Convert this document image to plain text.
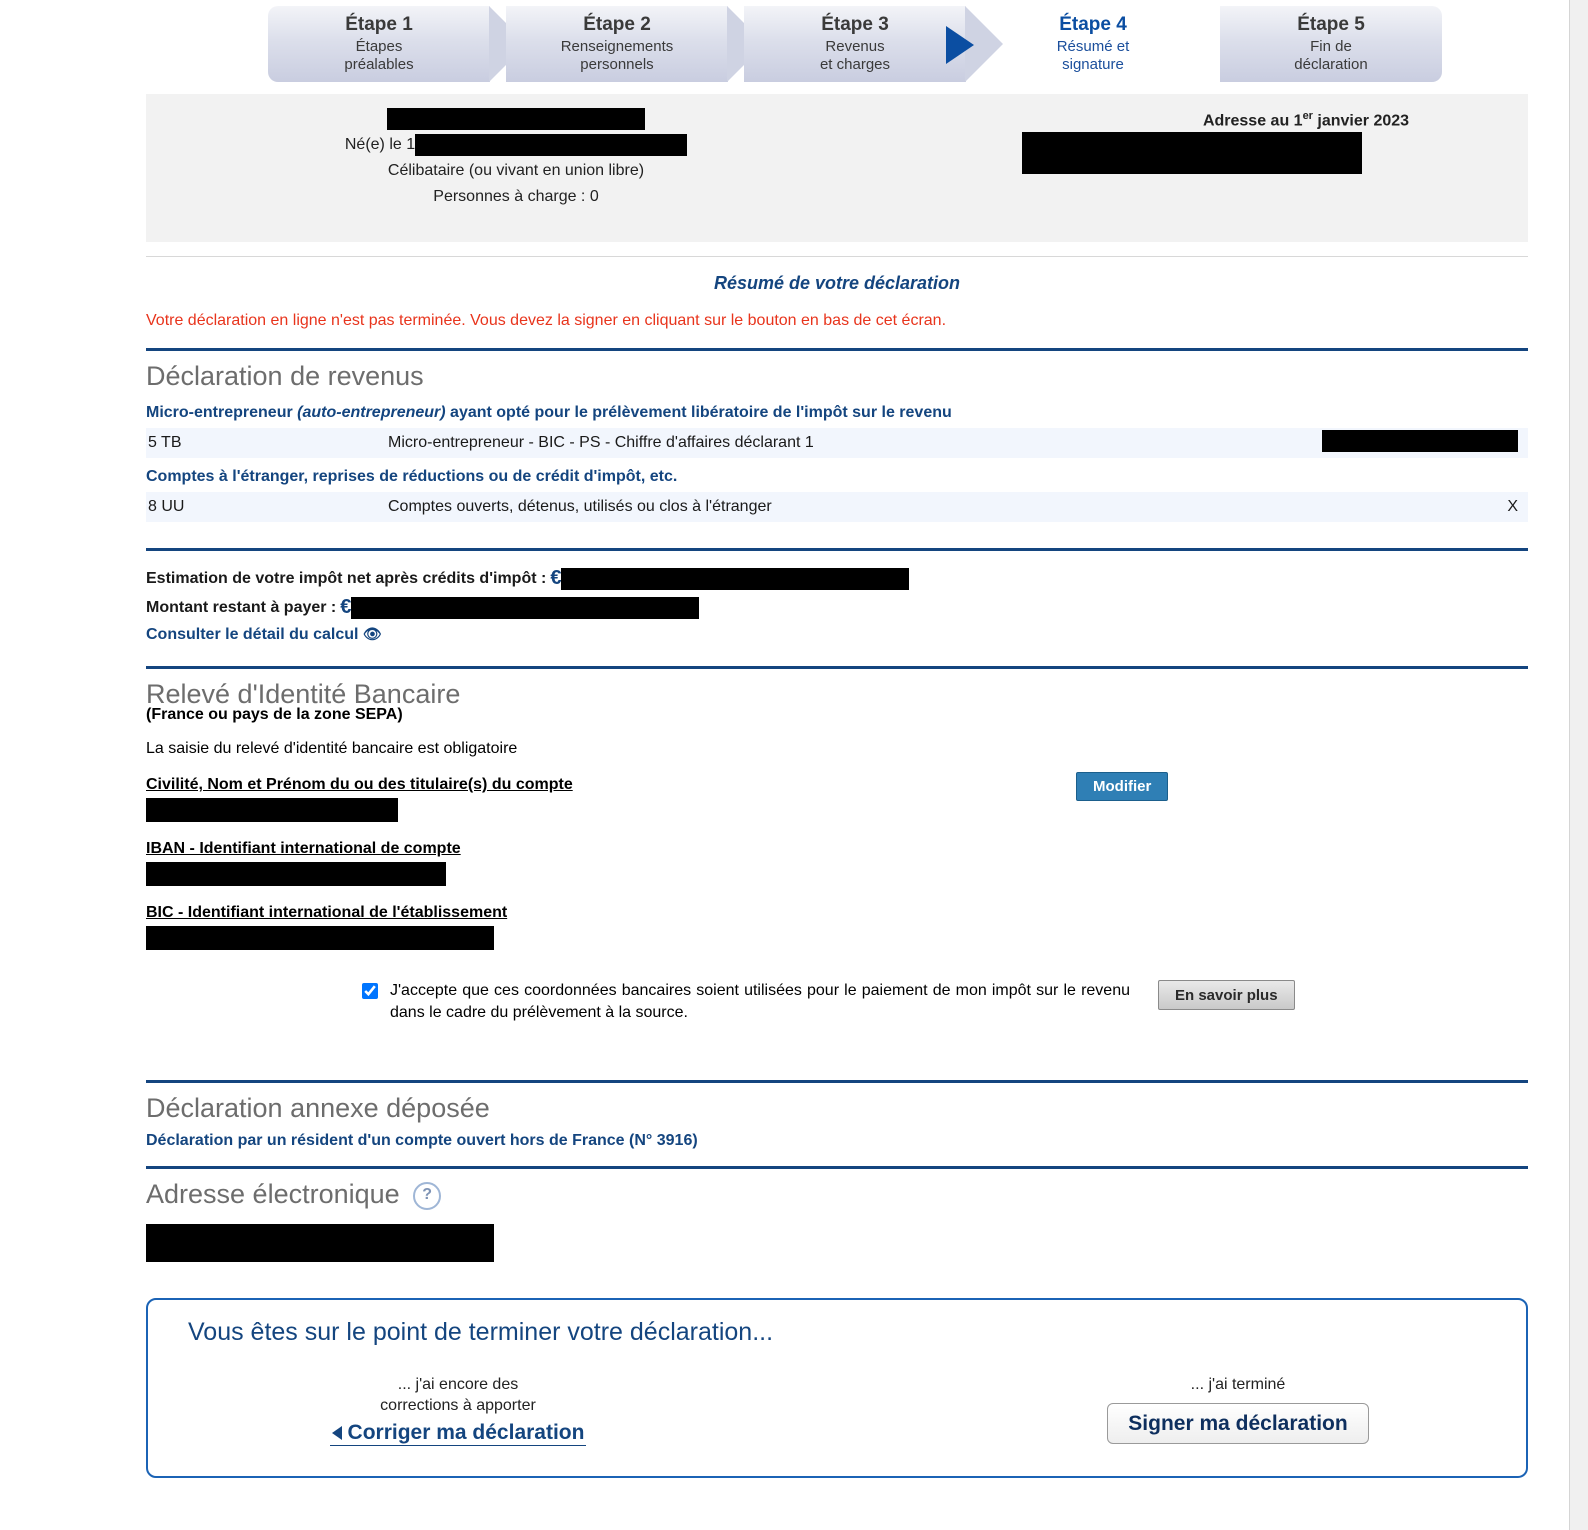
Étape 1
Étapes
préalables
Étape 2
Renseignements
personnels
Étape 3
Revenus
et charges
Étape 4
Résumé et
signature
Étape 5
Fin de
déclaration
Né(e) le 1
Célibataire (ou vivant en union libre)
Personnes à charge : 0
Adresse au 1er janvier 2023
Résumé de votre déclaration
Votre déclaration en ligne n'est pas terminée. Vous devez la signer en cliquant sur le bouton en bas de cet écran.
Déclaration de revenus
Micro-entrepreneur (auto-entrepreneur) ayant opté pour le prélèvement libératoire de l'impôt sur le revenu
5 TB	Micro-entrepreneur - BIC - PS - Chiffre d'affaires déclarant 1
Comptes à l'étranger, reprises de réductions ou de crédit d'impôt, etc.
8 UU	Comptes ouverts, détenus, utilisés ou clos à l'étranger	X
Estimation de votre impôt net après crédits d'impôt : €
Montant restant à payer : €
Consulter le détail du calcul 👁
Relevé d'Identité Bancaire
(France ou pays de la zone SEPA)
La saisie du relevé d'identité bancaire est obligatoire
Civilité, Nom et Prénom du ou des titulaire(s) du compte	Modifier
IBAN - Identifiant international de compte
BIC - Identifiant international de l'établissement
J'accepte que ces coordonnées bancaires soient utilisées pour le paiement de mon impôt sur le revenu dans le cadre du prélèvement à la source.
En savoir plus
Déclaration annexe déposée
Déclaration par un résident d'un compte ouvert hors de France (N° 3916)
Adresse électronique ?
Vous êtes sur le point de terminer votre déclaration...
... j'ai encore des
corrections à apporter
Corriger ma déclaration
... j'ai terminé
Signer ma déclaration
